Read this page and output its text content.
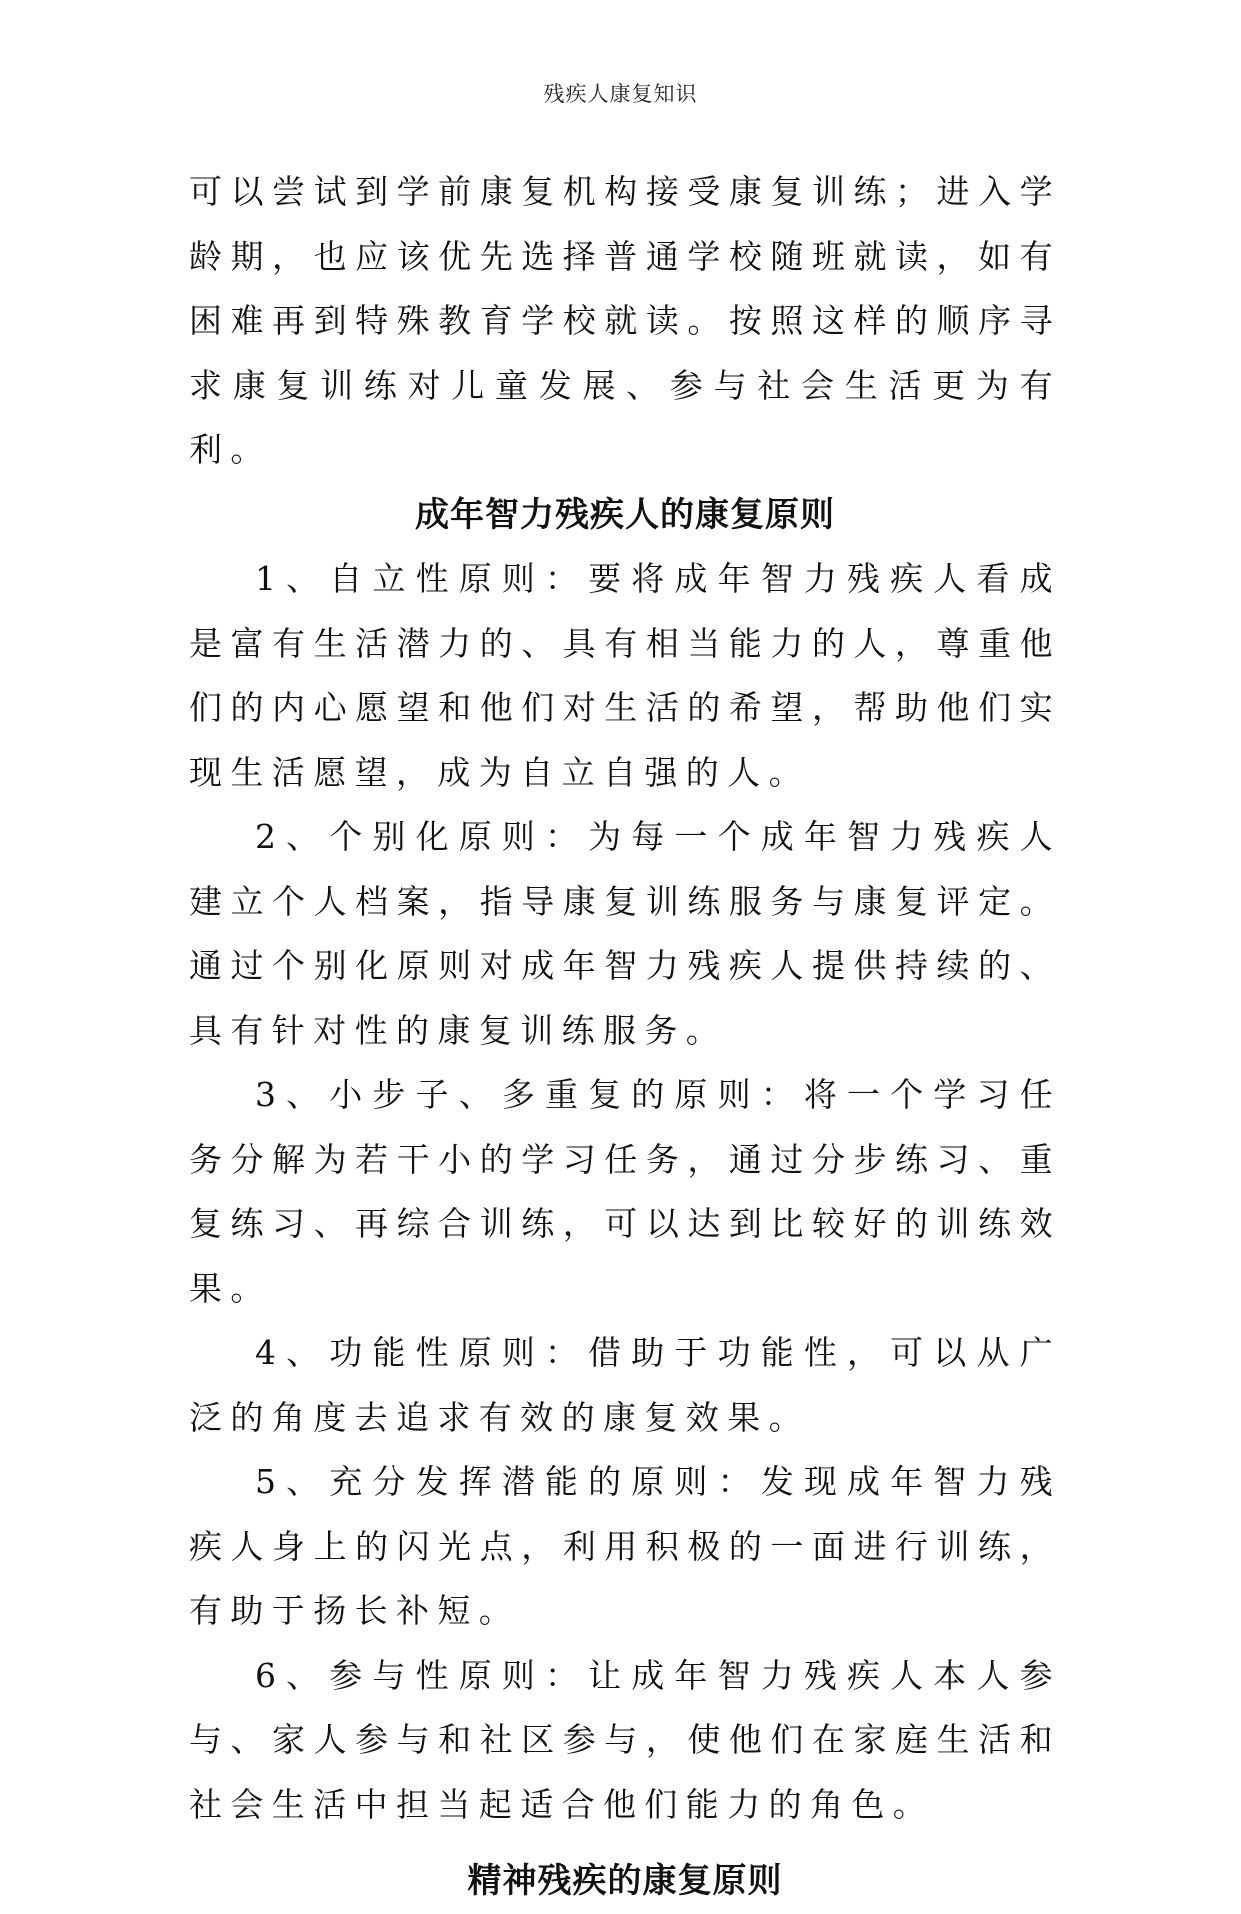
残疾人康复知识

可以尝试到学前康复机构接受康复训练；进入学龄期，也应该优先选择普通学校随班就读，如有困难再到特殊教育学校就读。按照这样的顺序寻求康复训练对儿童发展、参与社会生活更为有利。

成年智力残疾人的康复原则

1、自立性原则：要将成年智力残疾人看成是富有生活潜力的、具有相当能力的人，尊重他们的内心愿望和他们对生活的希望，帮助他们实现生活愿望，成为自立自强的人。

2、个别化原则：为每一个成年智力残疾人建立个人档案，指导康复训练服务与康复评定。通过个别化原则对成年智力残疾人提供持续的、具有针对性的康复训练服务。

3、小步子、多重复的原则：将一个学习任务分解为若干小的学习任务，通过分步练习、重复练习、再综合训练，可以达到比较好的训练效果。

4、功能性原则：借助于功能性，可以从广泛的角度去追求有效的康复效果。

5、充分发挥潜能的原则：发现成年智力残疾人身上的闪光点，利用积极的一面进行训练，有助于扬长补短。

6、参与性原则：让成年智力残疾人本人参与、家人参与和社区参与，使他们在家庭生活和社会生活中担当起适合他们能力的角色。

精神残疾的康复原则
